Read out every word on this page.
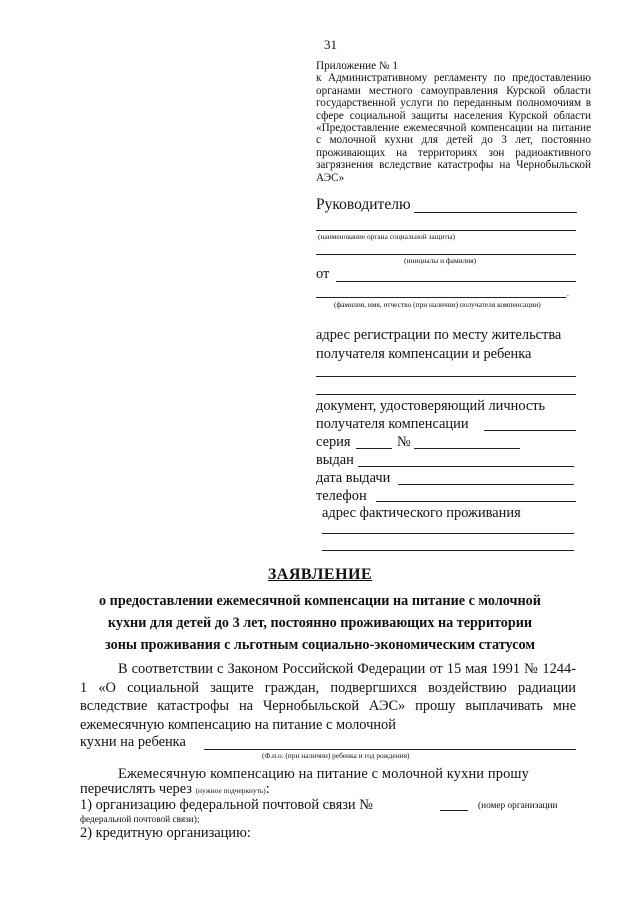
31
Приложение № 1
к Административному регламенту по предоставлению органами местного самоуправления Курской области государственной услуги по переданным полномочиям в сфере социальной защиты населения Курской области «Предоставление ежемесячной компенсации на питание с молочной кухни для детей до 3 лет, постоянно проживающих на территориях зон радиоактивного загрязнения вследствие катастрофы на Чернобыльской АЭС»
Руководителю
(наименование органа социальной защиты)
(инициалы и фамилия)
от
,
(фамилия, имя, отчество (при наличии) получателя компенсации)
адрес регистрации по месту жительства
получателя компенсации и ребенка
документ, удостоверяющий личность
получателя компенсации
серия	№
выдан
дата выдачи
телефон
адрес фактического проживания
ЗАЯВЛЕНИЕ
о предоставлении ежемесячной компенсации на питание с молочной
кухни для детей до 3 лет, постоянно проживающих на территории
зоны проживания с льготным социально-экономическим статусом
В соответствии с Законом Российской Федерации от 15 мая 1991 № 1244-1 «О социальной защите граждан, подвергшихся воздействию радиации вследствие катастрофы на Чернобыльской АЭС» прошу выплачивать мне ежемесячную компенсацию на питание с молочной
кухни на ребенка
(Ф.и.о. (при наличии) ребенка и год рождения)
Ежемесячную компенсацию на питание с молочной кухни прошу
перечислять через (нужное подчеркнуть):
1) организацию федеральной почтовой связи №	(номер организации
федеральной почтовой связи);
2) кредитную организацию:
